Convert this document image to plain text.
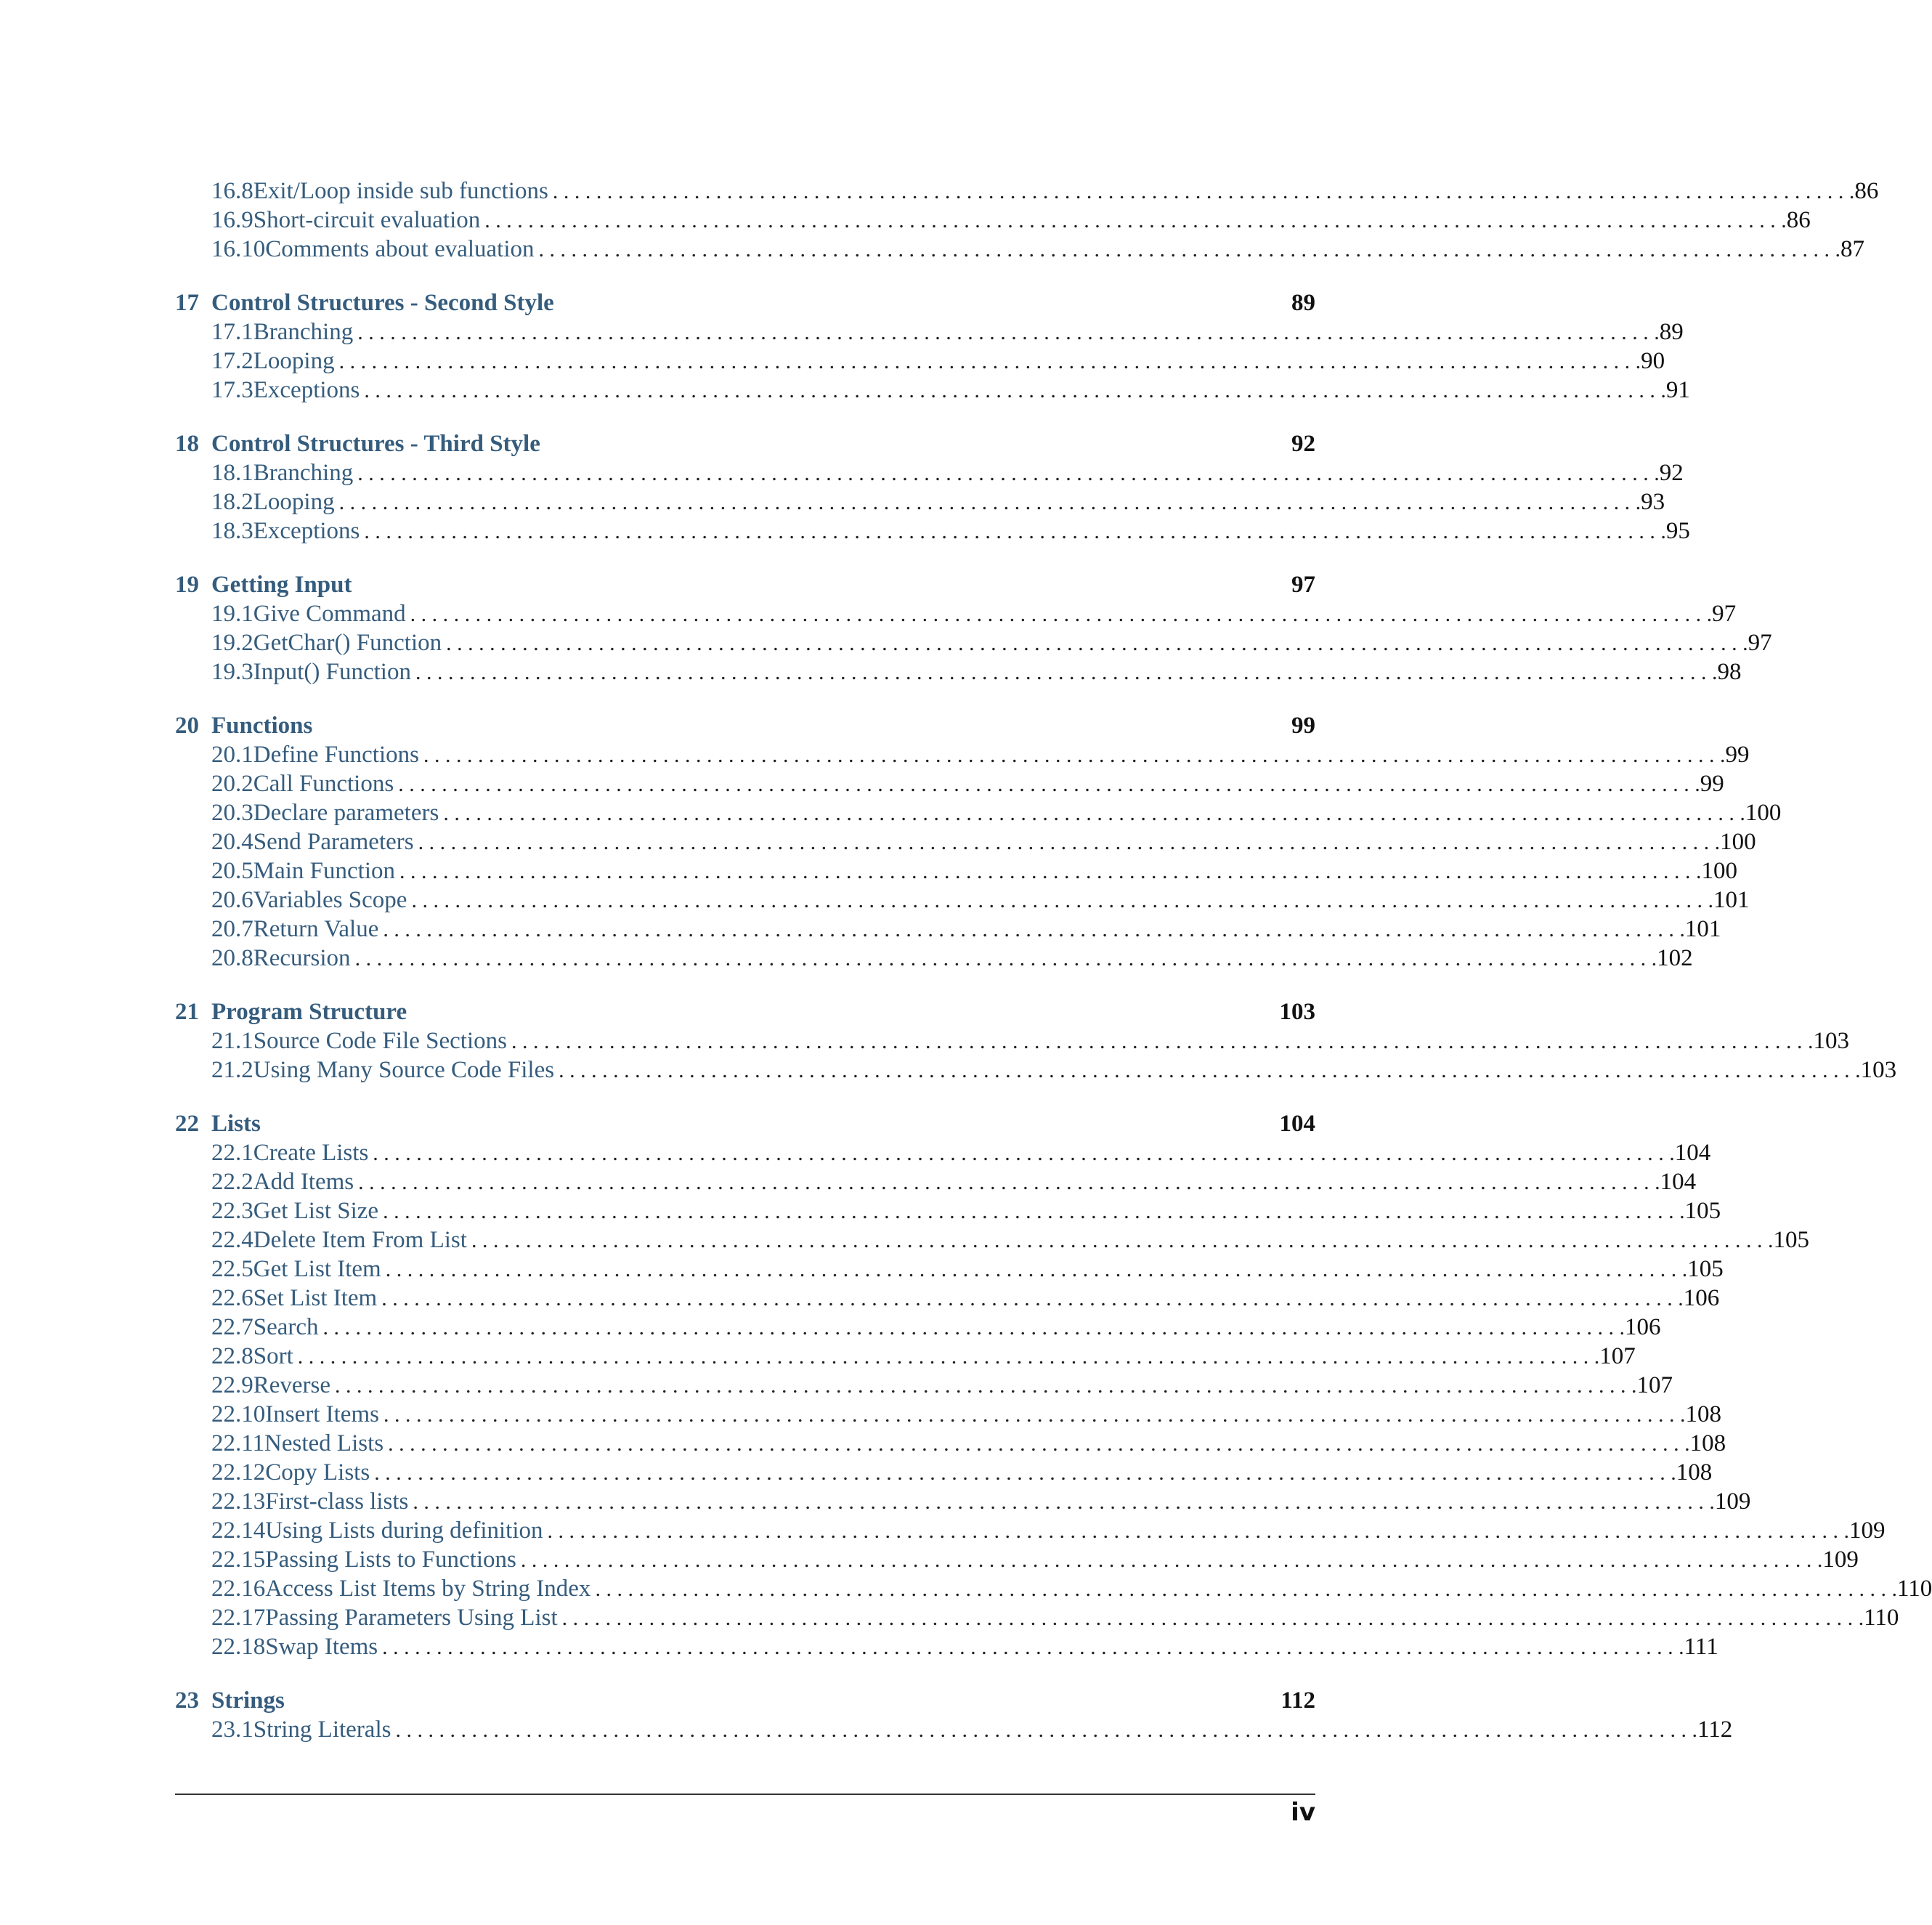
16.8 Exit/Loop inside sub functions . . . . . . . . . . . . . . . . . . . . . . . . . . . . . . . . . . . . . . . . . . . . . . . . . . . . . . . . . . . . . . . . . . . . . . . . . . . . . . . . . . . . . . . . . . . . . . . . . . . . . . . . . . . . . . . . . . . . . . . . 86
16.9 Short-circuit evaluation . . . . . . . . . . . . . . . . . . . . . . . . . . . . . . . . . . . . . . . . . . . . . . . . . . . . . . . . . . . . . . . . . . . . . . . . . . . . . . . . . . . . . . . . . . . . . . . . . . . . . . . . . . . . . . . . . . . . . . . . 86
16.10 Comments about evaluation . . . . . . . . . . . . . . . . . . . . . . . . . . . . . . . . . . . . . . . . . . . . . . . . . . . . . . . . . . . . . . . . . . . . . . . . . . . . . . . . . . . . . . . . . . . . . . . . . . . . . . . . . . . . . . . . . . . . . . . . 87
17 Control Structures - Second Style	89
17.1 Branching . . . . . . . . . . . . . . . . . . . . . . . . . . . . . . . . . . . . . . . . . . . . . . . . . . . . . . . . . . . . . . . . . . . . . . . . . . . . . . . . . . . . . . . . . . . . . . . . . . . . . . . . . . . . . . . . . . . . . . . . 89
17.2 Looping . . . . . . . . . . . . . . . . . . . . . . . . . . . . . . . . . . . . . . . . . . . . . . . . . . . . . . . . . . . . . . . . . . . . . . . . . . . . . . . . . . . . . . . . . . . . . . . . . . . . . . . . . . . . . . . . . . . . . . . . 90
17.3 Exceptions . . . . . . . . . . . . . . . . . . . . . . . . . . . . . . . . . . . . . . . . . . . . . . . . . . . . . . . . . . . . . . . . . . . . . . . . . . . . . . . . . . . . . . . . . . . . . . . . . . . . . . . . . . . . . . . . . . . . . . . . 91
18 Control Structures - Third Style	92
18.1 Branching . . . . . . . . . . . . . . . . . . . . . . . . . . . . . . . . . . . . . . . . . . . . . . . . . . . . . . . . . . . . . . . . . . . . . . . . . . . . . . . . . . . . . . . . . . . . . . . . . . . . . . . . . . . . . . . . . . . . . . . . 92
18.2 Looping . . . . . . . . . . . . . . . . . . . . . . . . . . . . . . . . . . . . . . . . . . . . . . . . . . . . . . . . . . . . . . . . . . . . . . . . . . . . . . . . . . . . . . . . . . . . . . . . . . . . . . . . . . . . . . . . . . . . . . . . 93
18.3 Exceptions . . . . . . . . . . . . . . . . . . . . . . . . . . . . . . . . . . . . . . . . . . . . . . . . . . . . . . . . . . . . . . . . . . . . . . . . . . . . . . . . . . . . . . . . . . . . . . . . . . . . . . . . . . . . . . . . . . . . . . . . 95
19 Getting Input	97
19.1 Give Command . . . . . . . . . . . . . . . . . . . . . . . . . . . . . . . . . . . . . . . . . . . . . . . . . . . . . . . . . . . . . . . . . . . . . . . . . . . . . . . . . . . . . . . . . . . . . . . . . . . . . . . . . . . . . . . . . . . . . . . . 97
19.2 GetChar() Function . . . . . . . . . . . . . . . . . . . . . . . . . . . . . . . . . . . . . . . . . . . . . . . . . . . . . . . . . . . . . . . . . . . . . . . . . . . . . . . . . . . . . . . . . . . . . . . . . . . . . . . . . . . . . . . . . . . . . . . . 97
19.3 Input() Function . . . . . . . . . . . . . . . . . . . . . . . . . . . . . . . . . . . . . . . . . . . . . . . . . . . . . . . . . . . . . . . . . . . . . . . . . . . . . . . . . . . . . . . . . . . . . . . . . . . . . . . . . . . . . . . . . . . . . . . . 98
20 Functions	99
20.1 Define Functions . . . . . . . . . . . . . . . . . . . . . . . . . . . . . . . . . . . . . . . . . . . . . . . . . . . . . . . . . . . . . . . . . . . . . . . . . . . . . . . . . . . . . . . . . . . . . . . . . . . . . . . . . . . . . . . . . . . . . . . . 99
20.2 Call Functions . . . . . . . . . . . . . . . . . . . . . . . . . . . . . . . . . . . . . . . . . . . . . . . . . . . . . . . . . . . . . . . . . . . . . . . . . . . . . . . . . . . . . . . . . . . . . . . . . . . . . . . . . . . . . . . . . . . . . . . . 99
20.3 Declare parameters . . . . . . . . . . . . . . . . . . . . . . . . . . . . . . . . . . . . . . . . . . . . . . . . . . . . . . . . . . . . . . . . . . . . . . . . . . . . . . . . . . . . . . . . . . . . . . . . . . . . . . . . . . . . . . . . . . . . . . . . 100
20.4 Send Parameters . . . . . . . . . . . . . . . . . . . . . . . . . . . . . . . . . . . . . . . . . . . . . . . . . . . . . . . . . . . . . . . . . . . . . . . . . . . . . . . . . . . . . . . . . . . . . . . . . . . . . . . . . . . . . . . . . . . . . . . . 100
20.5 Main Function . . . . . . . . . . . . . . . . . . . . . . . . . . . . . . . . . . . . . . . . . . . . . . . . . . . . . . . . . . . . . . . . . . . . . . . . . . . . . . . . . . . . . . . . . . . . . . . . . . . . . . . . . . . . . . . . . . . . . . . . 100
20.6 Variables Scope . . . . . . . . . . . . . . . . . . . . . . . . . . . . . . . . . . . . . . . . . . . . . . . . . . . . . . . . . . . . . . . . . . . . . . . . . . . . . . . . . . . . . . . . . . . . . . . . . . . . . . . . . . . . . . . . . . . . . . . . 101
20.7 Return Value . . . . . . . . . . . . . . . . . . . . . . . . . . . . . . . . . . . . . . . . . . . . . . . . . . . . . . . . . . . . . . . . . . . . . . . . . . . . . . . . . . . . . . . . . . . . . . . . . . . . . . . . . . . . . . . . . . . . . . . . 101
20.8 Recursion . . . . . . . . . . . . . . . . . . . . . . . . . . . . . . . . . . . . . . . . . . . . . . . . . . . . . . . . . . . . . . . . . . . . . . . . . . . . . . . . . . . . . . . . . . . . . . . . . . . . . . . . . . . . . . . . . . . . . . . . 102
21 Program Structure	103
21.1 Source Code File Sections . . . . . . . . . . . . . . . . . . . . . . . . . . . . . . . . . . . . . . . . . . . . . . . . . . . . . . . . . . . . . . . . . . . . . . . . . . . . . . . . . . . . . . . . . . . . . . . . . . . . . . . . . . . . . . . . . . . . . . . . 103
21.2 Using Many Source Code Files . . . . . . . . . . . . . . . . . . . . . . . . . . . . . . . . . . . . . . . . . . . . . . . . . . . . . . . . . . . . . . . . . . . . . . . . . . . . . . . . . . . . . . . . . . . . . . . . . . . . . . . . . . . . . . . . . . . . . . . . 103
22 Lists	104
22.1 Create Lists . . . . . . . . . . . . . . . . . . . . . . . . . . . . . . . . . . . . . . . . . . . . . . . . . . . . . . . . . . . . . . . . . . . . . . . . . . . . . . . . . . . . . . . . . . . . . . . . . . . . . . . . . . . . . . . . . . . . . . . . 104
22.2 Add Items . . . . . . . . . . . . . . . . . . . . . . . . . . . . . . . . . . . . . . . . . . . . . . . . . . . . . . . . . . . . . . . . . . . . . . . . . . . . . . . . . . . . . . . . . . . . . . . . . . . . . . . . . . . . . . . . . . . . . . . . 104
22.3 Get List Size . . . . . . . . . . . . . . . . . . . . . . . . . . . . . . . . . . . . . . . . . . . . . . . . . . . . . . . . . . . . . . . . . . . . . . . . . . . . . . . . . . . . . . . . . . . . . . . . . . . . . . . . . . . . . . . . . . . . . . . . 105
22.4 Delete Item From List . . . . . . . . . . . . . . . . . . . . . . . . . . . . . . . . . . . . . . . . . . . . . . . . . . . . . . . . . . . . . . . . . . . . . . . . . . . . . . . . . . . . . . . . . . . . . . . . . . . . . . . . . . . . . . . . . . . . . . . . 105
22.5 Get List Item . . . . . . . . . . . . . . . . . . . . . . . . . . . . . . . . . . . . . . . . . . . . . . . . . . . . . . . . . . . . . . . . . . . . . . . . . . . . . . . . . . . . . . . . . . . . . . . . . . . . . . . . . . . . . . . . . . . . . . . . 105
22.6 Set List Item . . . . . . . . . . . . . . . . . . . . . . . . . . . . . . . . . . . . . . . . . . . . . . . . . . . . . . . . . . . . . . . . . . . . . . . . . . . . . . . . . . . . . . . . . . . . . . . . . . . . . . . . . . . . . . . . . . . . . . . . 106
22.7 Search . . . . . . . . . . . . . . . . . . . . . . . . . . . . . . . . . . . . . . . . . . . . . . . . . . . . . . . . . . . . . . . . . . . . . . . . . . . . . . . . . . . . . . . . . . . . . . . . . . . . . . . . . . . . . . . . . . . . . . . . 106
22.8 Sort . . . . . . . . . . . . . . . . . . . . . . . . . . . . . . . . . . . . . . . . . . . . . . . . . . . . . . . . . . . . . . . . . . . . . . . . . . . . . . . . . . . . . . . . . . . . . . . . . . . . . . . . . . . . . . . . . . . . . . . . 107
22.9 Reverse . . . . . . . . . . . . . . . . . . . . . . . . . . . . . . . . . . . . . . . . . . . . . . . . . . . . . . . . . . . . . . . . . . . . . . . . . . . . . . . . . . . . . . . . . . . . . . . . . . . . . . . . . . . . . . . . . . . . . . . . 107
22.10 Insert Items . . . . . . . . . . . . . . . . . . . . . . . . . . . . . . . . . . . . . . . . . . . . . . . . . . . . . . . . . . . . . . . . . . . . . . . . . . . . . . . . . . . . . . . . . . . . . . . . . . . . . . . . . . . . . . . . . . . . . . . . 108
22.11 Nested Lists . . . . . . . . . . . . . . . . . . . . . . . . . . . . . . . . . . . . . . . . . . . . . . . . . . . . . . . . . . . . . . . . . . . . . . . . . . . . . . . . . . . . . . . . . . . . . . . . . . . . . . . . . . . . . . . . . . . . . . . . 108
22.12 Copy Lists . . . . . . . . . . . . . . . . . . . . . . . . . . . . . . . . . . . . . . . . . . . . . . . . . . . . . . . . . . . . . . . . . . . . . . . . . . . . . . . . . . . . . . . . . . . . . . . . . . . . . . . . . . . . . . . . . . . . . . . . 108
22.13 First-class lists . . . . . . . . . . . . . . . . . . . . . . . . . . . . . . . . . . . . . . . . . . . . . . . . . . . . . . . . . . . . . . . . . . . . . . . . . . . . . . . . . . . . . . . . . . . . . . . . . . . . . . . . . . . . . . . . . . . . . . . . 109
22.14 Using Lists during definition . . . . . . . . . . . . . . . . . . . . . . . . . . . . . . . . . . . . . . . . . . . . . . . . . . . . . . . . . . . . . . . . . . . . . . . . . . . . . . . . . . . . . . . . . . . . . . . . . . . . . . . . . . . . . . . . . . . . . . . . 109
22.15 Passing Lists to Functions . . . . . . . . . . . . . . . . . . . . . . . . . . . . . . . . . . . . . . . . . . . . . . . . . . . . . . . . . . . . . . . . . . . . . . . . . . . . . . . . . . . . . . . . . . . . . . . . . . . . . . . . . . . . . . . . . . . . . . . . 109
22.16 Access List Items by String Index . . . . . . . . . . . . . . . . . . . . . . . . . . . . . . . . . . . . . . . . . . . . . . . . . . . . . . . . . . . . . . . . . . . . . . . . . . . . . . . . . . . . . . . . . . . . . . . . . . . . . . . . . . . . . . . . . . . . . . . . 110
22.17 Passing Parameters Using List . . . . . . . . . . . . . . . . . . . . . . . . . . . . . . . . . . . . . . . . . . . . . . . . . . . . . . . . . . . . . . . . . . . . . . . . . . . . . . . . . . . . . . . . . . . . . . . . . . . . . . . . . . . . . . . . . . . . . . . . 110
22.18 Swap Items . . . . . . . . . . . . . . . . . . . . . . . . . . . . . . . . . . . . . . . . . . . . . . . . . . . . . . . . . . . . . . . . . . . . . . . . . . . . . . . . . . . . . . . . . . . . . . . . . . . . . . . . . . . . . . . . . . . . . . . . 111
23 Strings	112
23.1 String Literals . . . . . . . . . . . . . . . . . . . . . . . . . . . . . . . . . . . . . . . . . . . . . . . . . . . . . . . . . . . . . . . . . . . . . . . . . . . . . . . . . . . . . . . . . . . . . . . . . . . . . . . . . . . . . . . . . . . . . . . . 112
iv
